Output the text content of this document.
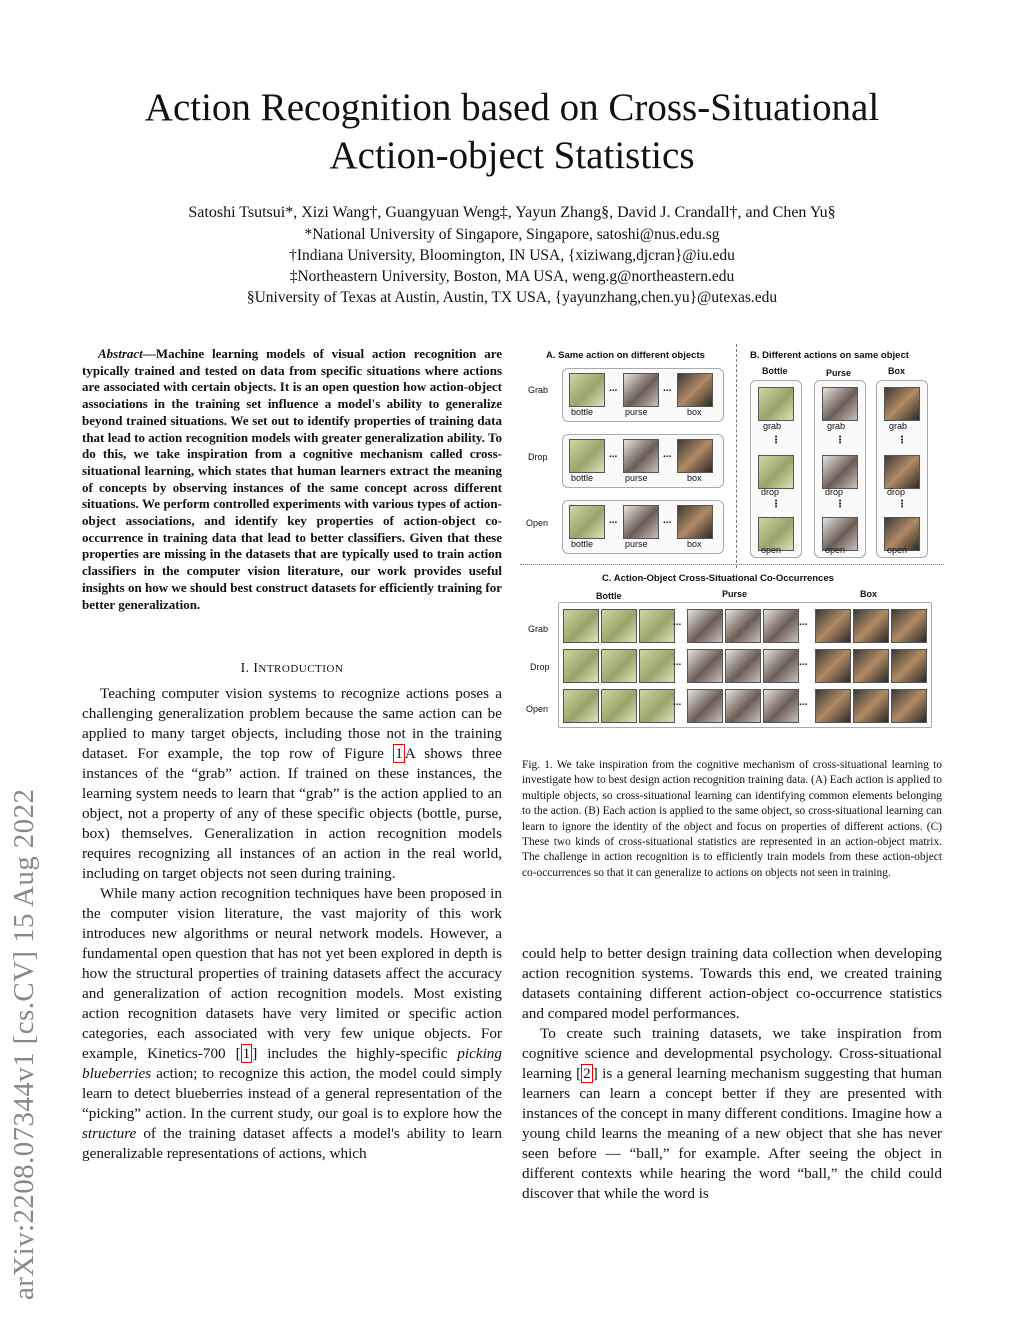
arXiv:2208.07344v1 [cs.CV] 15 Aug 2022
Action Recognition based on Cross-Situational
Action-object Statistics
Satoshi Tsutsui*, Xizi Wang†, Guangyuan Weng‡, Yayun Zhang§, David J. Crandall†, and Chen Yu§
*National University of Singapore, Singapore, satoshi@nus.edu.sg
†Indiana University, Bloomington, IN USA, {xiziwang,djcran}@iu.edu
‡Northeastern University, Boston, MA USA, weng.g@northeastern.edu
§University of Texas at Austin, Austin, TX USA, {yayunzhang,chen.yu}@utexas.edu
Abstract—Machine learning models of visual action recognition are typically trained and tested on data from specific situations where actions are associated with certain objects. It is an open question how action-object associations in the training set influence a model's ability to generalize beyond trained situations. We set out to identify properties of training data that lead to action recognition models with greater generalization ability. To do this, we take inspiration from a cognitive mechanism called cross-situational learning, which states that human learners extract the meaning of concepts by observing instances of the same concept across different situations. We perform controlled experiments with various types of action-object associations, and identify key properties of action-object co-occurrence in training data that lead to better classifiers. Given that these properties are missing in the datasets that are typically used to train action classifiers in the computer vision literature, our work provides useful insights on how we should best construct datasets for efficiently training for better generalization.
I. INTRODUCTION

Teaching computer vision systems to recognize actions poses a challenging generalization problem because the same action can be applied to many target objects, including those not in the training dataset. For example, the top row of Figure 1 A shows three instances of the “grab” action. If trained on these instances, the learning system needs to learn that “grab” is the action applied to an object, not a property of any of these specific objects (bottle, purse, box) themselves. Generalization in action recognition models requires recognizing all instances of an action in the real world, including on target objects not seen during training.

While many action recognition techniques have been proposed in the computer vision literature, the vast majority of this work introduces new algorithms or neural network models. However, a fundamental open question that has not yet been explored in depth is how the structural properties of training datasets affect the accuracy and generalization of action recognition models. Most existing action recognition datasets have very limited or specific action categories, each associated with very few unique objects. For example, Kinetics-700 [ 1 ] includes the highly-specific picking blueberries action; to recognize this action, the model could simply learn to detect blueberries instead of a general representation of the “picking” action. In the current study, our goal is to explore how the structure of the training dataset affects a model's ability to learn generalizable representations of actions, which

A. Same action on different objects	B. Different actions on same object
Grab
Drop
Open
...	...
bottle	purse	box
...	...
bottle	purse	box
...	...
bottle	purse	box
Bottle	Purse	Box
grab
⋮
drop
⋮
open
grab
⋮
drop
⋮
open
grab
⋮
drop
⋮
open
C. Action-Object Cross-Situational Co-Occurrences
Bottle	Purse	Box
Grab
Drop
Open
...	...
...	...
...	...
Fig. 1. We take inspiration from the cognitive mechanism of cross-situational learning to investigate how to best design action recognition training data. (A) Each action is applied to multiple objects, so cross-situational learning can identifying common elements belonging to the action. (B) Each action is applied to the same object, so cross-situational learning can learn to ignore the identity of the object and focus on properties of different actions. (C) These two kinds of cross-situational statistics are represented in an action-object matrix. The challenge in action recognition is to efficiently train models from these action-object co-occurrences so that it can generalize to actions on objects not seen in training.

could help to better design training data collection when developing action recognition systems. Towards this end, we created training datasets containing different action-object co-occurrence statistics and compared model performances.

To create such training datasets, we take inspiration from cognitive science and developmental psychology. Cross-situational learning [ 2 ] is a general learning mechanism suggesting that human learners can learn a concept better if they are presented with instances of the concept in many different conditions. Imagine how a young child learns the meaning of a new object that she has never seen before — “ball,” for example. After seeing the object in different contexts while hearing the word “ball,” the child could discover that while the word is
